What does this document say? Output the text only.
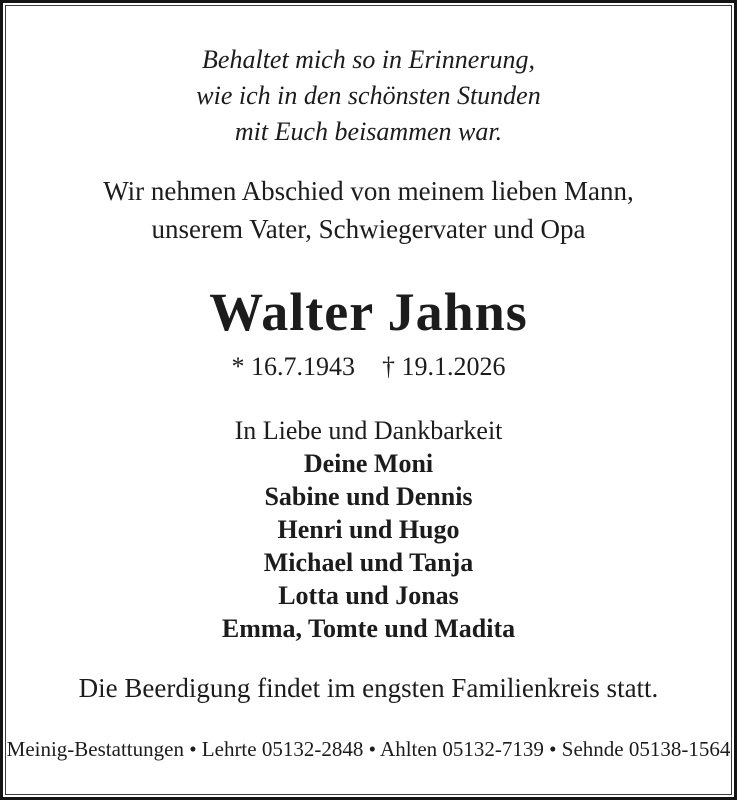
Behaltet mich so in Erinnerung,
wie ich in den schönsten Stunden
mit Euch beisammen war.
Wir nehmen Abschied von meinem lieben Mann,
unserem Vater, Schwiegervater und Opa
Walter Jahns
* 16.7.1943 † 19.1.2026
In Liebe und Dankbarkeit
Deine Moni
Sabine und Dennis
Henri und Hugo
Michael und Tanja
Lotta und Jonas
Emma, Tomte und Madita
Die Beerdigung findet im engsten Familienkreis statt.
Meinig-Bestattungen • Lehrte 05132-2848 • Ahlten 05132-7139 • Sehnde 05138-1564
